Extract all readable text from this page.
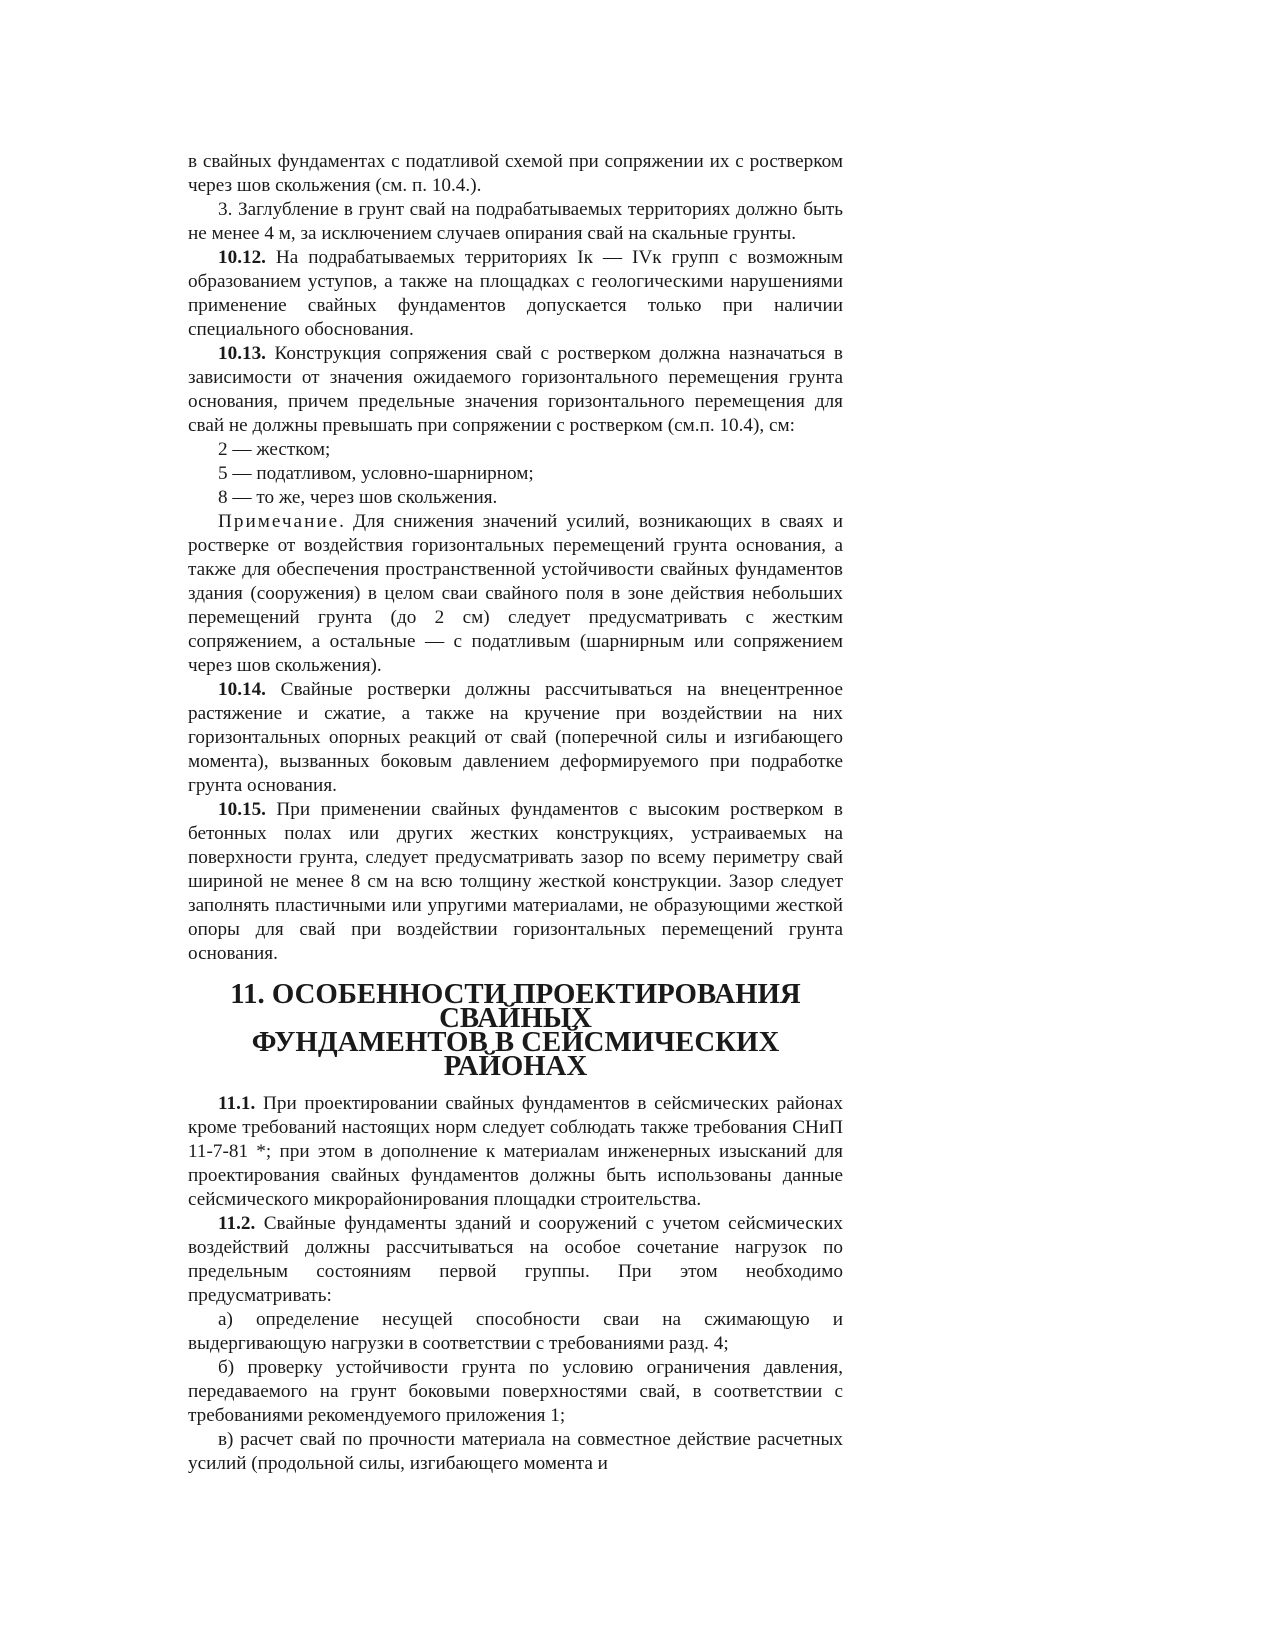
в свайных фундаментах с податливой схемой при сопряжении их с ростверком через шов скольжения (см. п. 10.4.).

3. Заглубление в грунт свай на подрабатываемых территориях должно быть не менее 4 м, за исключением случаев опирания свай на скальные грунты.

10.12. На подрабатываемых территориях Iк — IVк групп с возможным образованием уступов, а также на площадках с геологическими нарушениями применение свайных фундаментов допускается только при наличии специального обоснования.

10.13. Конструкция сопряжения свай с ростверком должна назначаться в зависимости от значения ожидаемого горизонтального перемещения грунта основания, причем предельные значения горизонтального перемещения для свай не должны превышать при сопряжении с ростверком (см.п. 10.4), см:

2 — жестком;

5 — податливом, условно-шарнирном;

8 — то же, через шов скольжения.

Примечание. Для снижения значений усилий, возникающих в сваях и ростверке от воздействия горизонтальных перемещений грунта основания, а также для обеспечения пространственной устойчивости свайных фундаментов здания (сооружения) в целом сваи свайного поля в зоне действия небольших перемещений грунта (до 2 см) следует предусматривать с жестким сопряжением, а остальные — с податливым (шарнирным или сопряжением через шов скольжения).

10.14. Свайные ростверки должны рассчитываться на внецентренное растяжение и сжатие, а также на кручение при воздействии на них горизонтальных опорных реакций от свай (поперечной силы и изгибающего момента), вызванных боковым давлением деформируемого при подработке грунта основания.

10.15. При применении свайных фундаментов с высоким ростверком в бетонных полах или других жестких конструкциях, устраиваемых на поверхности грунта, следует предусматривать зазор по всему периметру свай шириной не менее 8 см на всю толщину жесткой конструкции. Зазор следует заполнять пластичными или упругими материалами, не образующими жесткой опоры для свай при воздействии горизонтальных перемещений грунта основания.

11. ОСОБЕННОСТИ ПРОЕКТИРОВАНИЯ СВАЙНЫХ
ФУНДАМЕНТОВ В СЕЙСМИЧЕСКИХ РАЙОНАХ

11.1. При проектировании свайных фундаментов в сейсмических районах кроме требований настоящих норм следует соблюдать также требования СНиП 11-7-81 *; при этом в дополнение к материалам инженерных изысканий для проектирования свайных фундаментов должны быть использованы данные сейсмического микрорайонирования площадки строительства.

11.2. Свайные фундаменты зданий и сооружений с учетом сейсмических воздействий должны рассчитываться на особое сочетание нагрузок по предельным состояниям первой группы. При этом необходимо предусматривать:

а) определение несущей способности сваи на сжимающую и выдергивающую нагрузки в соответствии с требованиями разд. 4;

б) проверку устойчивости грунта по условию ограничения давления, передаваемого на грунт боковыми поверхностями свай, в соответствии с требованиями рекомендуемого приложения 1;

в) расчет свай по прочности материала на совместное действие расчетных усилий (продольной силы, изгибающего момента и
